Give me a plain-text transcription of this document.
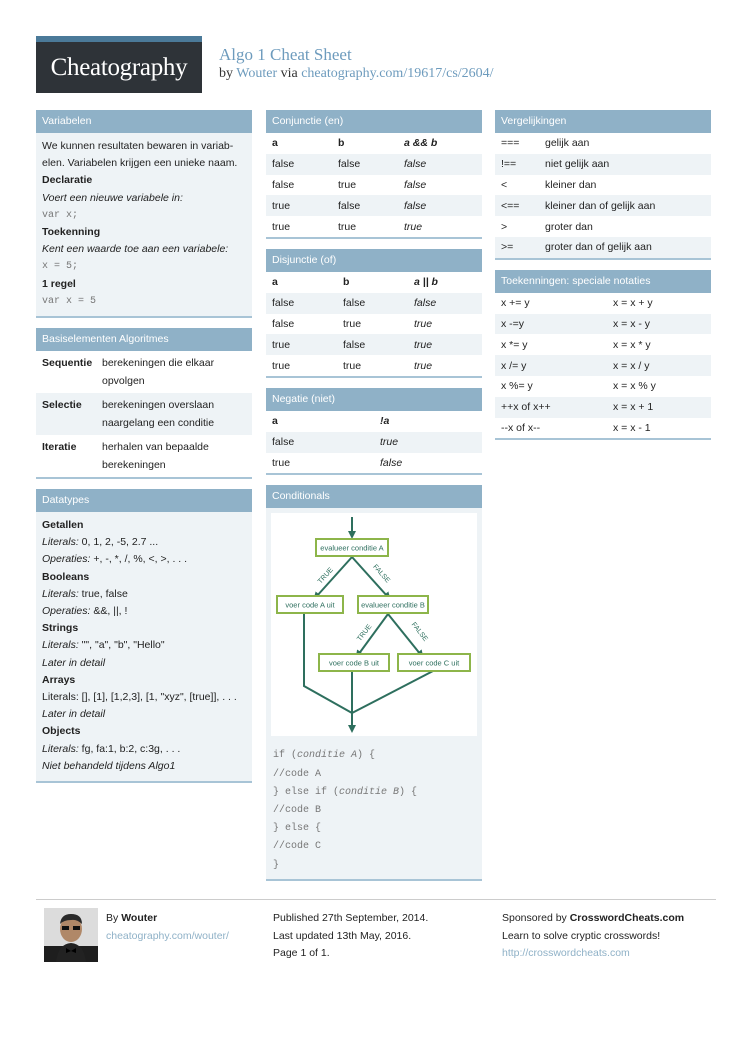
Cheatography	Algo 1 Cheat Sheet
by Wouter via cheatography.com/19617/cs/2604/
Variabelen
We kunnen resultaten bewaren in variab-elen. Variabelen krijgen een unieke naam.
Declaratie
Voert een nieuwe variabele in:
var x;
Toekenning
Kent een waarde toe aan een variabele:
x = 5;
1 regel
var x = 5
Basiselementen Algoritmes
Sequentie berekeningen die elkaar opvolgen
Selectie	berekeningen overslaan naargelang een conditie
Iteratie	herhalen van bepaalde berekeningen
Datatypes
Getallen
Literals: 0, 1, 2, -5, 2.7 ...
Operaties: +, -, *, /, %, <, >, . . .
Booleans
Literals: true, false
Operaties: &&, ||, !
Strings
Literals: "", "a", "b", "Hello"
Later in detail
Arrays
Literals: [], [1], [1,2,3], [1, "xyz", [true]], . . .
Later in detail
Objects
Literals: fg, fa:1, b:2, c:3g, . . .
Niet behandeld tijdens Algo1
Conjunctie (en)
a	b	a && b
false	false	false
false	true	false
true	false	false
true	true	true
Disjunctie (of)
a	b	a || b
false	false	false
false	true	true
true	false	true
true	true	true
Negatie (niet)
a	!a
false	true
true	false
Conditionals
evalueer conditie A
voer code A uit	evalueer conditie B
voer code B uit	voer code C uit
TRUE	FALSE
TRUE	FALSE
if (conditie A) {
//code A
} else if (conditie B) {
//code B
} else {
//code C
}
Vergelijkingen
===	gelijk aan
!==	niet gelijk aan
<	kleiner dan
<==	kleiner dan of gelijk aan
>	groter dan
>=	groter dan of gelijk aan
Toekenningen: speciale notaties
x += y	x = x + y
x -=y	x = x - y
x *= y	x = x * y
x /= y	x = x / y
x %= y	x = x % y
++x of x++	x = x + 1
--x of x--	x = x - 1
By Wouter
cheatography.com/wouter/
Published 27th September, 2014.
Last updated 13th May, 2016.
Page 1 of 1.
Sponsored by CrosswordCheats.com
Learn to solve cryptic crosswords!
http://crosswordcheats.com
